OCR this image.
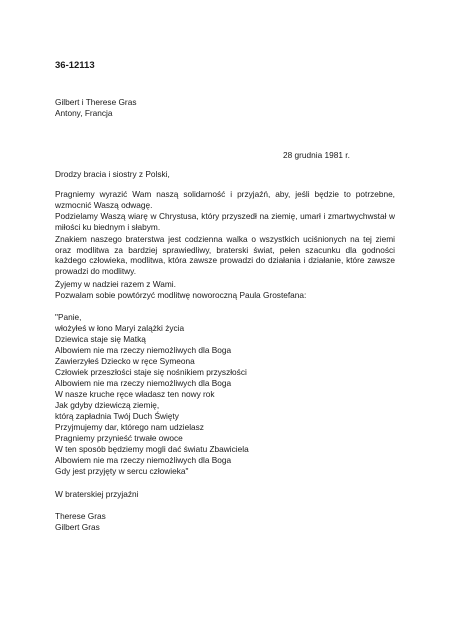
36-12113
Gilbert i Therese Gras
Antony, Francja
28 grudnia 1981 r.
Drodzy bracia i siostry z Polski,
Pragniemy wyrazić Wam naszą solidarność i przyjaźń, aby, jeśli będzie to potrzebne, wzmocnić Waszą odwagę.
Podzielamy Waszą wiarę w Chrystusa, który przyszedł na ziemię, umarł i zmartwychwstał w miłości ku biednym i słabym.
Znakiem naszego braterstwa jest codzienna walka o wszystkich uciśnionych na tej ziemi oraz modlitwa za bardziej sprawiedliwy, braterski świat, pełen szacunku dla godności każdego człowieka, modlitwa, która zawsze prowadzi do działania i działanie, które zawsze prowadzi do modlitwy.
Żyjemy w nadziei razem z Wami.
Pozwalam sobie powtórzyć modlitwę noworoczną Paula Grostefana:
"Panie,
włożyłeś w łono Maryi zalążki życia
Dziewica staje się Matką
Albowiem nie ma rzeczy niemożliwych dla Boga
Zawierzyłeś Dziecko w ręce Symeona
Człowiek przeszłości staje się nośnikiem przyszłości
Albowiem nie ma rzeczy niemożliwych dla Boga
W nasze kruche ręce władasz ten nowy rok
Jak gdyby dziewiczą ziemię,
którą zapładnia Twój Duch Święty
Przyjmujemy dar, którego nam udzielasz
Pragniemy przynieść trwałe owoce
W ten sposób będziemy mogli dać światu Zbawiciela
Albowiem nie ma rzeczy niemożliwych dla Boga
Gdy jest przyjęty w sercu człowieka"
W braterskiej przyjaźni
Therese Gras
Gilbert Gras
